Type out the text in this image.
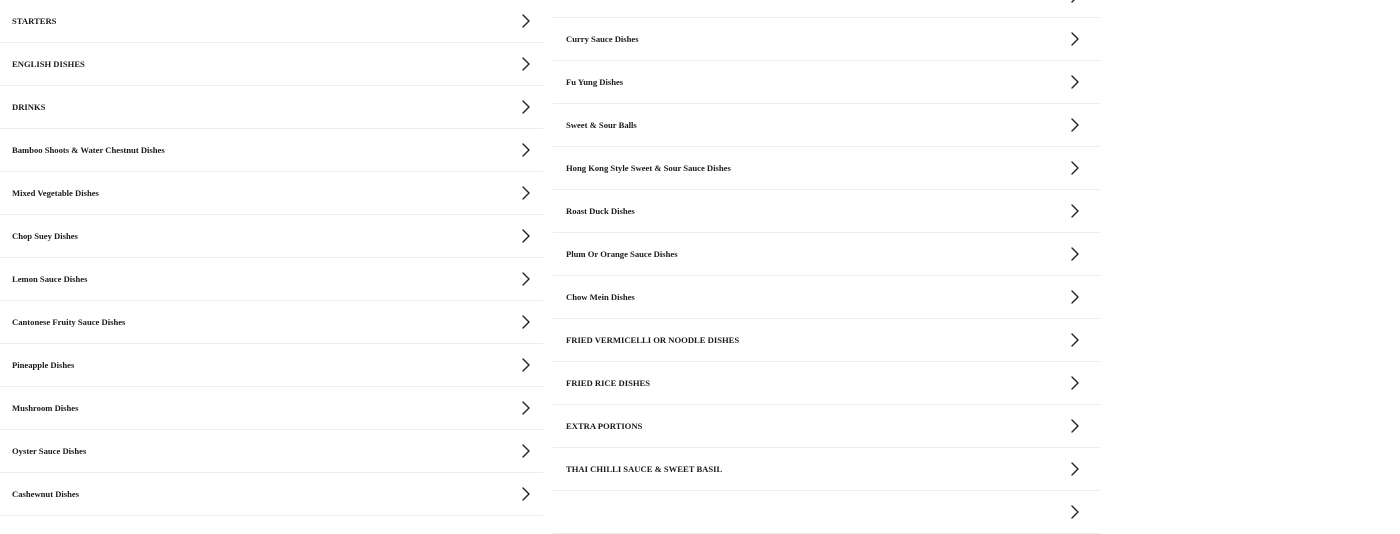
STARTERS
ENGLISH DISHES
DRINKS
Bamboo Shoots & Water Chestnut Dishes
Mixed Vegetable Dishes
Chop Suey Dishes
Lemon Sauce Dishes
Cantonese Fruity Sauce Dishes
Pineapple Dishes
Mushroom Dishes
Oyster Sauce Dishes
Cashewnut Dishes
Curry Sauce Dishes
Fu Yung Dishes
Sweet & Sour Balls
Hong Kong Style Sweet & Sour Sauce Dishes
Roast Duck Dishes
Plum Or Orange Sauce Dishes
Chow Mein Dishes
FRIED VERMICELLI OR NOODLE DISHES
FRIED RICE DISHES
EXTRA PORTIONS
THAI CHILLI SAUCE & SWEET BASIL
